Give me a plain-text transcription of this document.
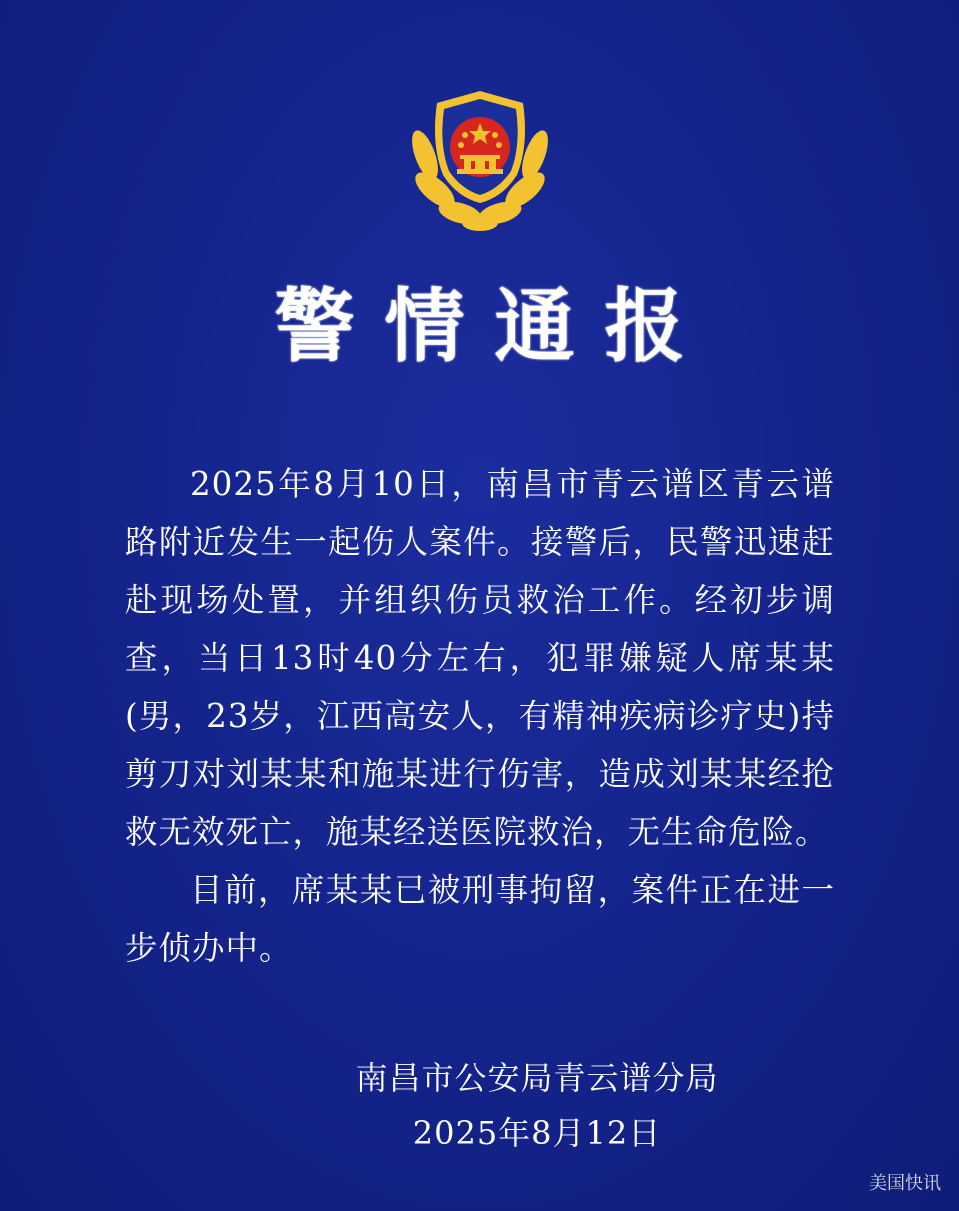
警情通报

2025年8月10日，南昌市青云谱区青云谱路附近发生一起伤人案件。接警后，民警迅速赶赴现场处置，并组织伤员救治工作。经初步调查，当日13时40分左右，犯罪嫌疑人席某某(男，23岁，江西高安人，有精神疾病诊疗史)持剪刀对刘某某和施某进行伤害，造成刘某某经抢救无效死亡，施某经送医院救治，无生命危险。

目前，席某某已被刑事拘留，案件正在进一步侦办中。

南昌市公安局青云谱分局
2025年8月12日
美国快讯
